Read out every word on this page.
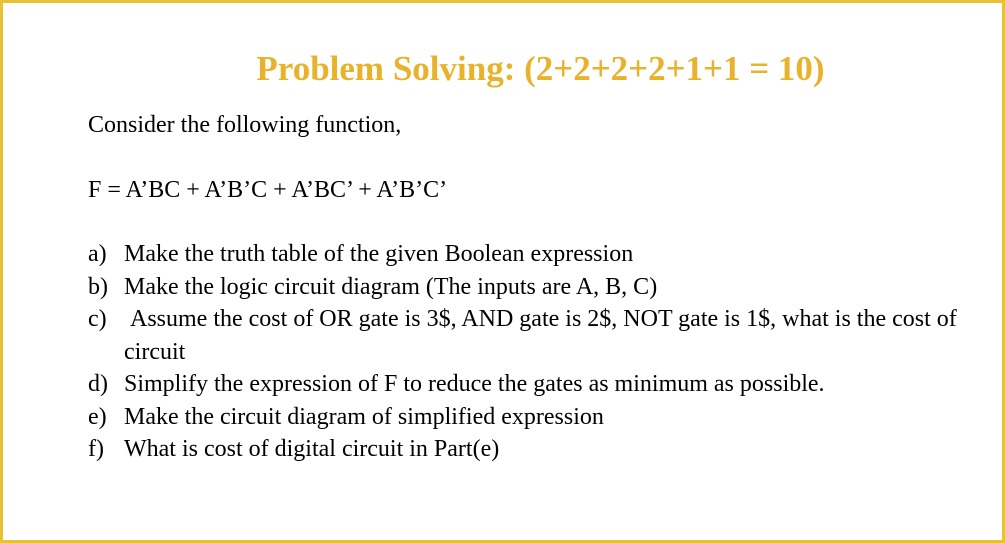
Problem Solving: (2+2+2+2+1+1 = 10)
Consider the following function,
F = A’BC + A’B’C + A’BC’ + A’B’C’
a) Make the truth table of the given Boolean expression
b) Make the logic circuit diagram (The inputs are A, B, C)
c) Assume the cost of OR gate is 3$, AND gate is 2$, NOT gate is 1$, what is the cost of circuit
d) Simplify the expression of F to reduce the gates as minimum as possible.
e) Make the circuit diagram of simplified expression
f) What is cost of digital circuit in Part(e)
